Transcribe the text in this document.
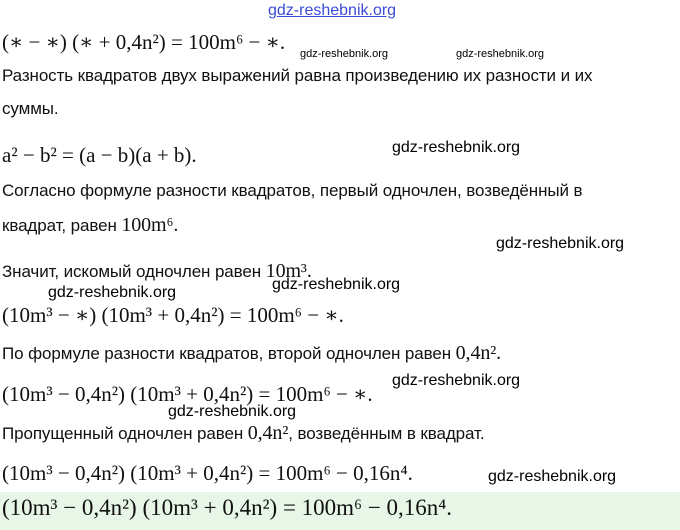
gdz-reshebnik.org
(∗ − ∗) (∗ + 0,4n²) = 100m⁶ − ∗. gdz-reshebnik.org	gdz-reshebnik.org
Разность квадратов двух выражений равна произведению их разности и их
суммы.
a² − b² = (a − b)(a + b).	gdz-reshebnik.org
Согласно формуле разности квадратов, первый одночлен, возведённый в
квадрат, равен 100m⁶.
gdz-reshebnik.org
Значит, искомый одночлен равен 10m³.
gdz-reshebnik.org
gdz-reshebnik.org
(10m³ − ∗) (10m³ + 0,4n²) = 100m⁶ − ∗.
По формуле разности квадратов, второй одночлен равен 0,4n².
(10m³ − 0,4n²) (10m³ + 0,4n²) = 100m⁶ − ∗.
gdz-reshebnik.org
gdz-reshebnik.org
Пропущенный одночлен равен 0,4n², возведённым в квадрат.
(10m³ − 0,4n²) (10m³ + 0,4n²) = 100m⁶ − 0,16n⁴.	gdz-reshebnik.org
(10m³ − 0,4n²) (10m³ + 0,4n²) = 100m⁶ − 0,16n⁴.
